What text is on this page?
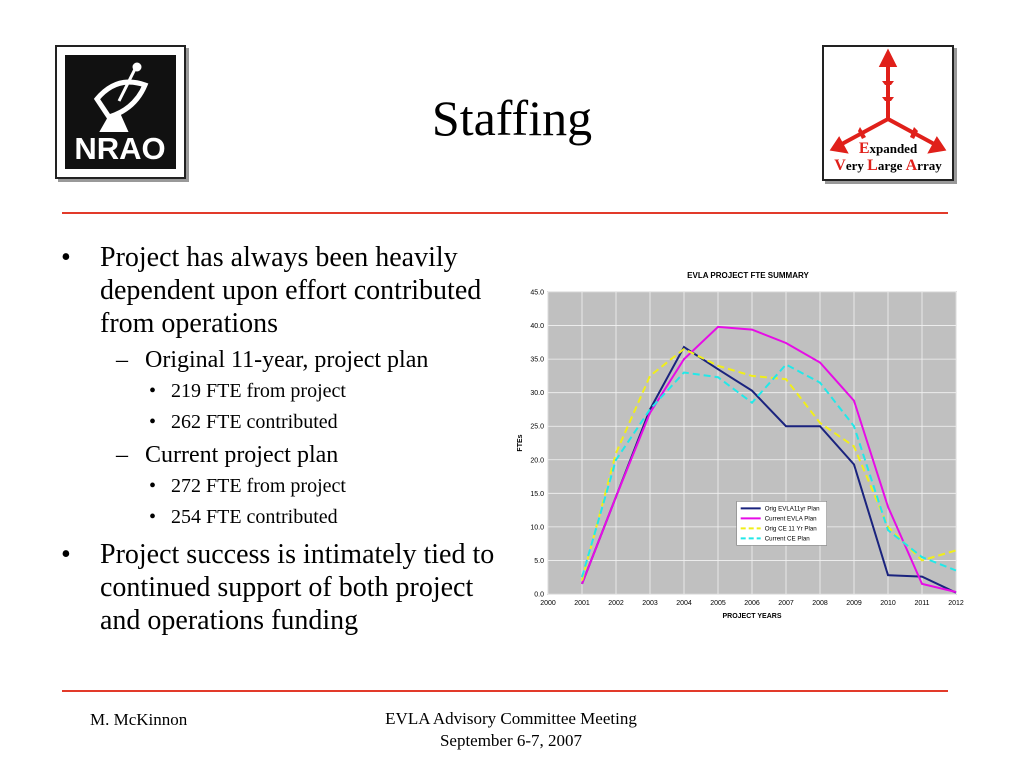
NRAO	Expanded
Very Large Array
Staffing
• Project has always been heavily dependent upon effort contributed from operations
– Original 11-year, project plan
• 219 FTE from project
• 262 FTE contributed
– Current project plan
• 272 FTE from project
• 254 FTE contributed
• Project success is intimately tied to continued support of both project and operations funding
EVLA PROJECT FTE SUMMARY
0.0
5.0
10.0
15.0
20.0
25.0
30.0
35.0
40.0
45.0
2000	2001	2002	2003	2004	2005	2006	2007	2008	2009	2010	2011	2012
Orig EVLA11yr Plan
Current EVLA Plan
Orig CE 11 Yr Plan
Current CE Plan
PROJECT YEARS
FTEs
M. McKinnon	EVLA Advisory Committee Meeting
September 6-7, 2007
